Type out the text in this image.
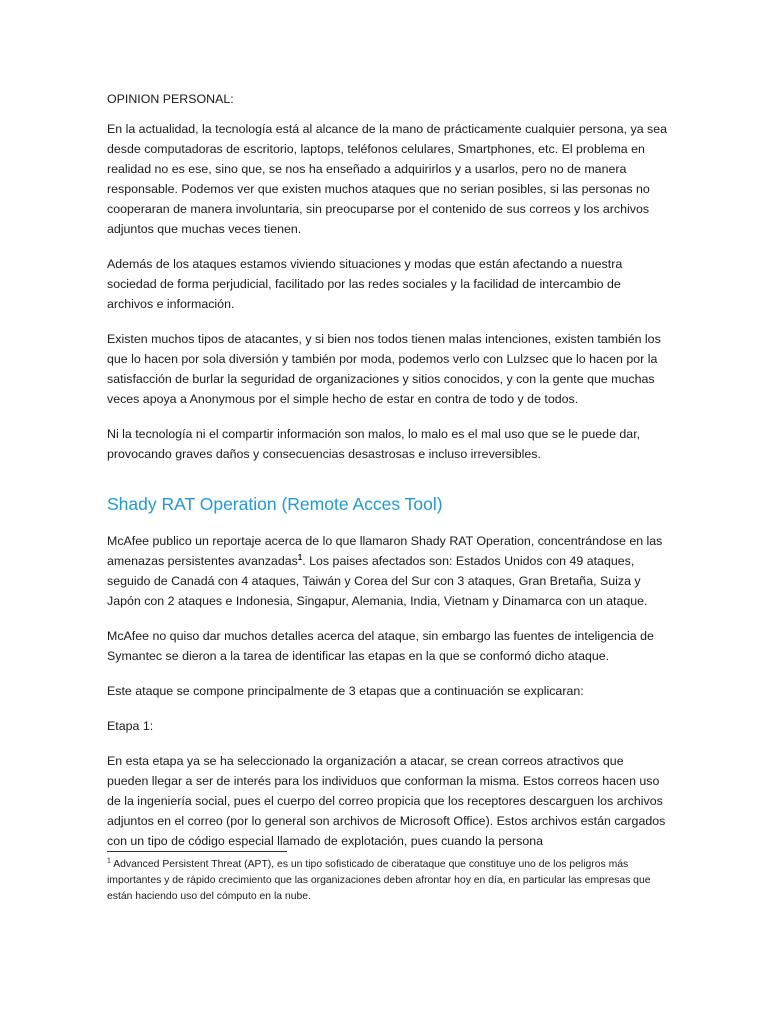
OPINION PERSONAL:

En la actualidad, la tecnología está al alcance de la mano de prácticamente cualquier persona, ya sea desde computadoras de escritorio, laptops, teléfonos celulares, Smartphones, etc. El problema en realidad no es ese, sino que, se nos ha enseñado a adquirirlos y a usarlos, pero no de manera responsable. Podemos ver que existen muchos ataques que no serian posibles, si las personas no cooperaran de manera involuntaria, sin preocuparse por el contenido de sus correos y los archivos adjuntos que muchas veces tienen.

Además de los ataques estamos viviendo situaciones y modas que están afectando a nuestra sociedad de forma perjudicial, facilitado por las redes sociales y la facilidad de intercambio de archivos e información.

Existen muchos tipos de atacantes, y si bien nos todos tienen malas intenciones, existen también los que lo hacen por sola diversión y también por moda, podemos verlo con Lulzsec que lo hacen por la satisfacción de burlar la seguridad de organizaciones y sitios conocidos, y con la gente que muchas veces apoya a Anonymous por el simple hecho de estar en contra de todo y de todos.

Ni la tecnología ni el compartir información son malos, lo malo es el mal uso que se le puede dar, provocando graves daños y consecuencias desastrosas e incluso irreversibles.

Shady RAT Operation (Remote Acces Tool)

McAfee publico un reportaje acerca de lo que llamaron Shady RAT Operation, concentrándose en las amenazas persistentes avanzadas$^1$. Los paises afectados son: Estados Unidos con 49 ataques, seguido de Canadá con 4 ataques, Taiwán y Corea del Sur con 3 ataques, Gran Bretaña, Suiza y Japón con 2 ataques e Indonesia, Singapur, Alemania, India, Vietnam y Dinamarca con un ataque.

McAfee no quiso dar muchos detalles acerca del ataque, sin embargo las fuentes de inteligencia de Symantec se dieron a la tarea de identificar las etapas en la que se conformó dicho ataque.

Este ataque se compone principalmente de 3 etapas que a continuación se explicaran:

Etapa 1:

En esta etapa ya se ha seleccionado la organización a atacar, se crean correos atractivos que pueden llegar a ser de interés para los individuos que conforman la misma. Estos correos hacen uso de la ingeniería social, pues el cuerpo del correo propicia que los receptores descarguen los archivos adjuntos en el correo (por lo general son archivos de Microsoft Office). Estos archivos están cargados con un tipo de código especial llamado de explotación, pues cuando la persona

$^1$ Advanced Persistent Threat (APT), es un tipo sofisticado de ciberataque que constituye uno de los peligros más importantes y de rápido crecimiento que las organizaciones deben afrontar hoy en día, en particular las empresas que están haciendo uso del cómputo en la nube.
